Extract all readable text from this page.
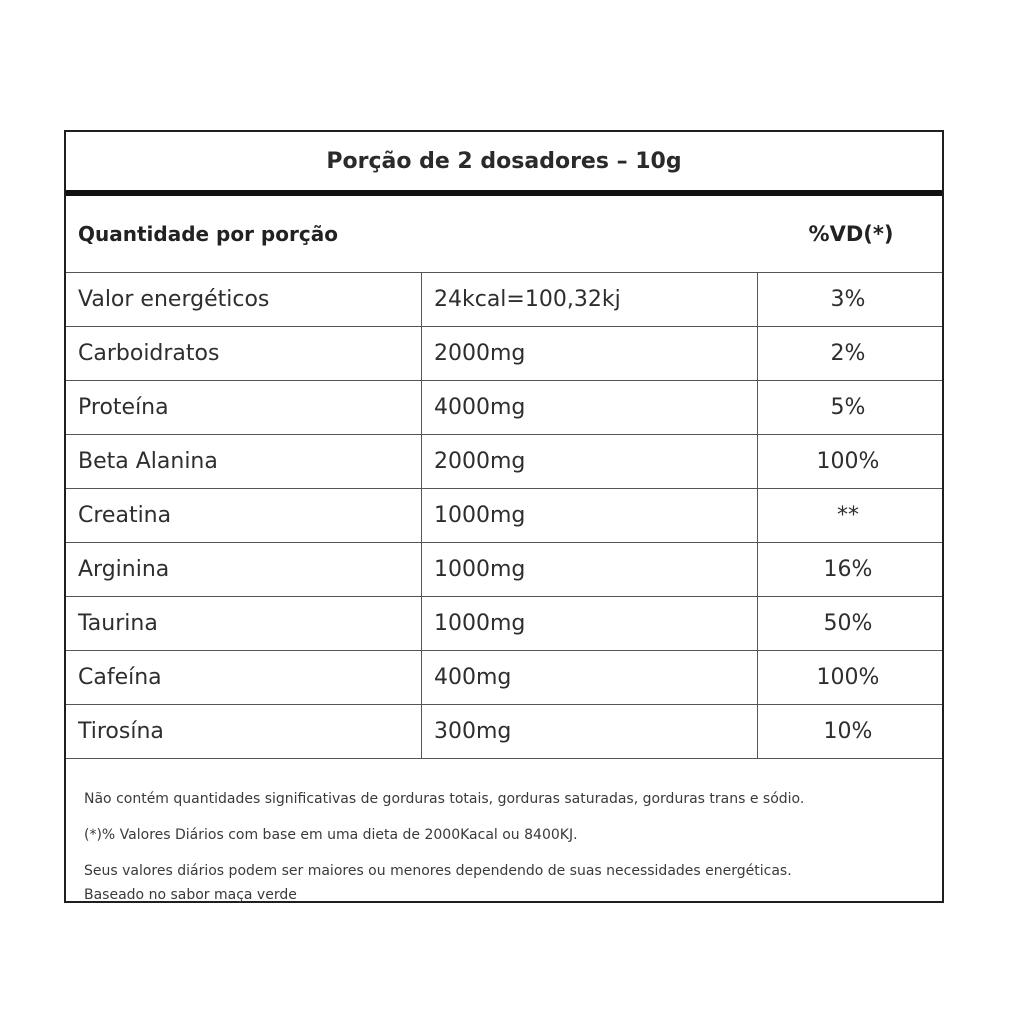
Porção de 2 dosadores – 10g
Quantidade por porção	%VD(*)
Valor energéticos	24kcal=100,32kj	3%
Carboidratos	2000mg	2%
Proteína	4000mg	5%
Beta Alanina	2000mg	100%
Creatina	1000mg	**
Arginina	1000mg	16%
Taurina	1000mg	50%
Cafeína	400mg	100%
Tirosína	300mg	10%

Não contém quantidades significativas de gorduras totais, gorduras saturadas, gorduras trans e sódio.

(*)% Valores Diários com base em uma dieta de 2000Kacal ou 8400KJ.

Seus valores diários podem ser maiores ou menores dependendo de suas necessidades energéticas.

Baseado no sabor maça verde
